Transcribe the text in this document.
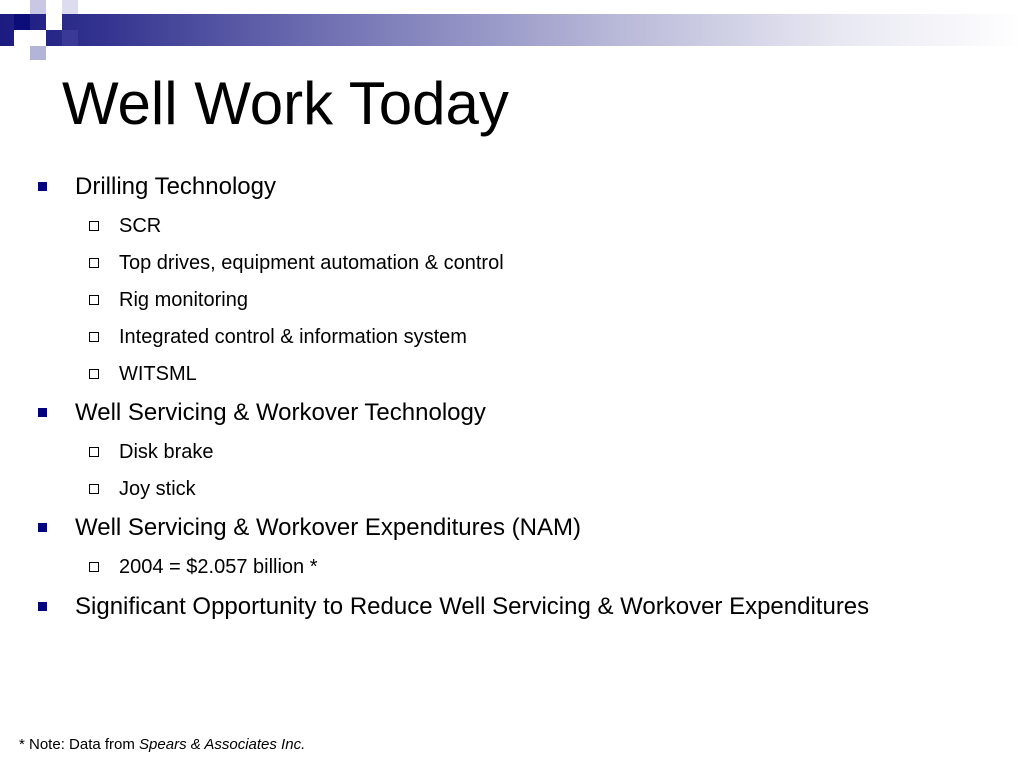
Well Work Today
Drilling Technology
SCR
Top drives, equipment automation & control
Rig monitoring
Integrated control & information system
WITSML
Well Servicing & Workover Technology
Disk brake
Joy stick
Well Servicing & Workover Expenditures (NAM)
2004 = $2.057 billion *
Significant Opportunity to Reduce Well Servicing & Workover Expenditures
* Note: Data from Spears & Associates Inc.
